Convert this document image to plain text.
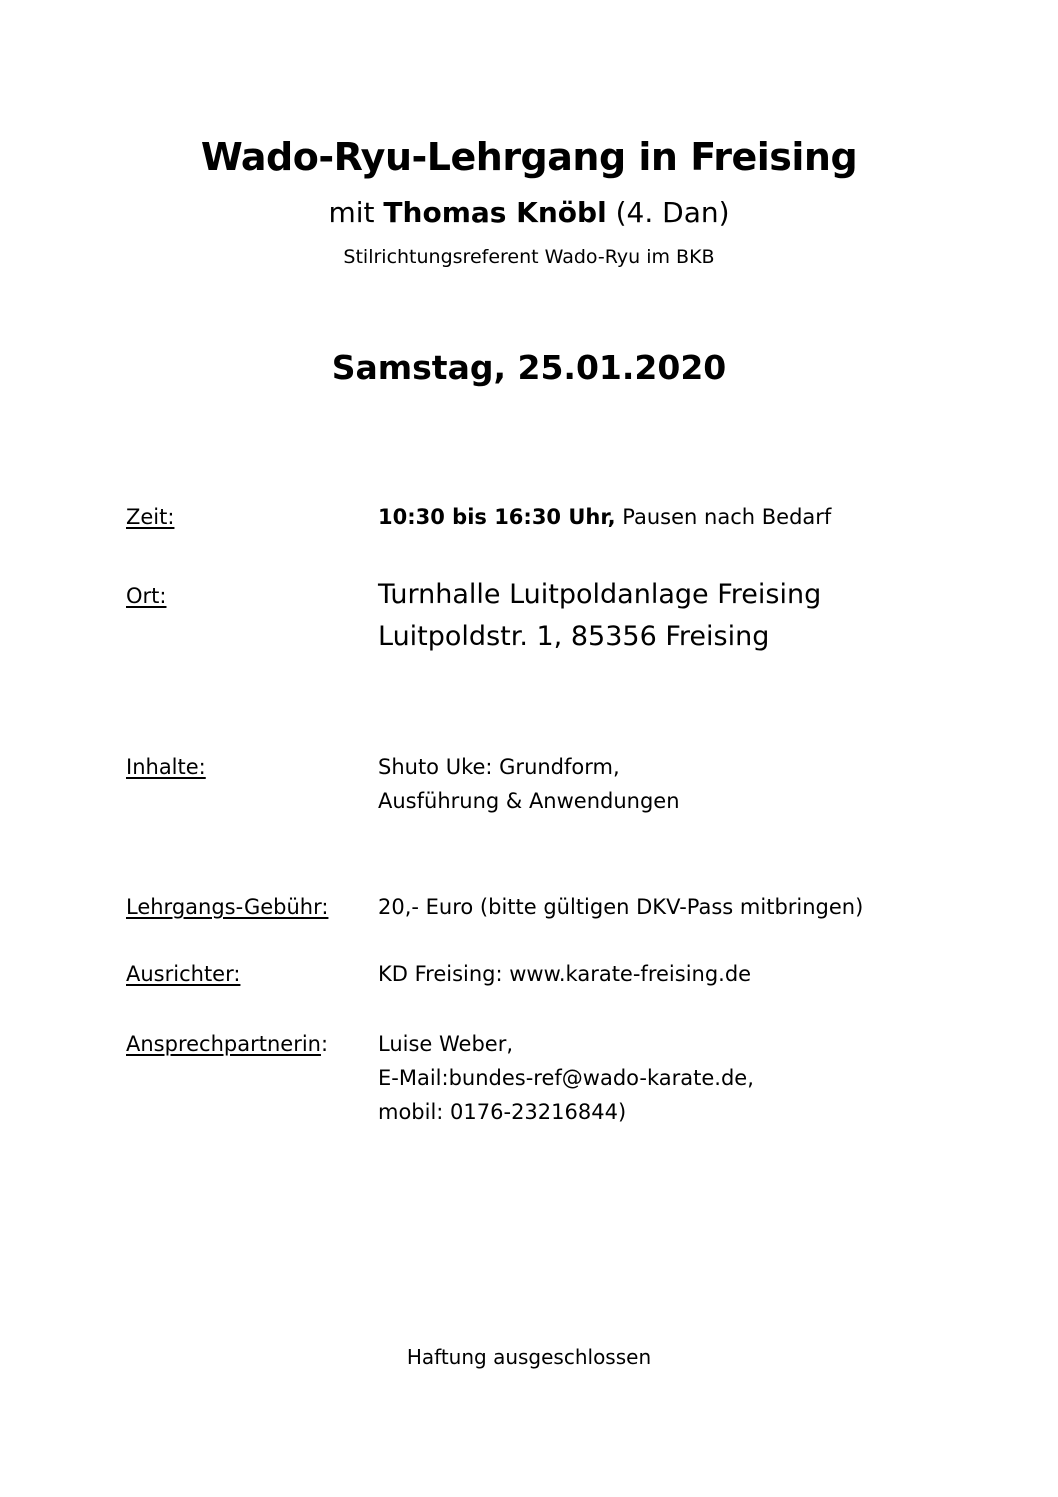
Wado-Ryu-Lehrgang in Freising
mit Thomas Knöbl (4. Dan)
Stilrichtungsreferent Wado-Ryu im BKB
Samstag, 25.01.2020
Zeit:	10:30 bis 16:30 Uhr, Pausen nach Bedarf
Ort:	Turnhalle Luitpoldanlage Freising
Luitpoldstr. 1, 85356 Freising
Inhalte:	Shuto Uke: Grundform,
Ausführung & Anwendungen
Lehrgangs-Gebühr: 20,- Euro (bitte gültigen DKV-Pass mitbringen)
Ausrichter:	KD Freising: www.karate-freising.de
Ansprechpartnerin: Luise Weber,
E-Mail:bundes-ref@wado-karate.de,
mobil: 0176-23216844)
Haftung ausgeschlossen
